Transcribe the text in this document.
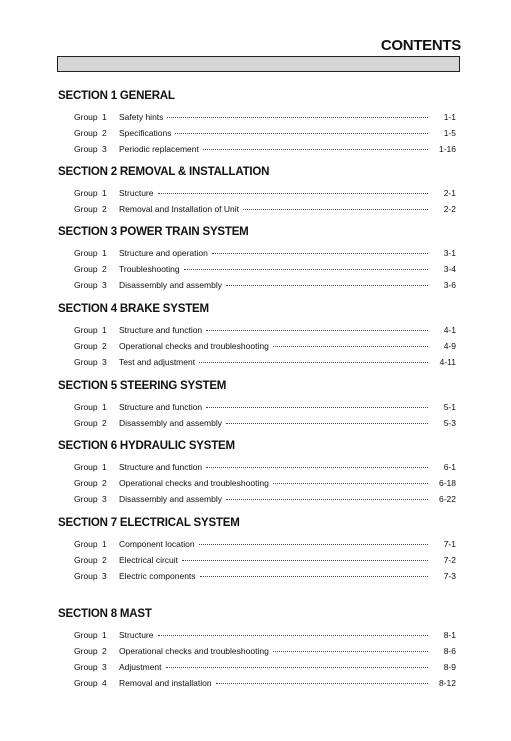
CONTENTS
SECTION 1 GENERAL
Group 1	Safety hints	1-1
Group 2	Specifications	1-5
Group 3	Periodic replacement	1-16
SECTION 2 REMOVAL & INSTALLATION
Group 1	Structure	2-1
Group 2	Removal and Installation of Unit	2-2
SECTION 3 POWER TRAIN SYSTEM
Group 1	Structure and operation	3-1
Group 2	Troubleshooting	3-4
Group 3	Disassembly and assembly	3-6
SECTION 4 BRAKE SYSTEM
Group 1	Structure and function	4-1
Group 2	Operational checks and troubleshooting	4-9
Group 3	Test and adjustment	4-11
SECTION 5 STEERING SYSTEM
Group 1	Structure and function	5-1
Group 2	Disassembly and assembly	5-3
SECTION 6 HYDRAULIC SYSTEM
Group 1	Structure and function	6-1
Group 2	Operational checks and troubleshooting	6-18
Group 3	Disassembly and assembly	6-22
SECTION 7 ELECTRICAL SYSTEM
Group 1	Component location	7-1
Group 2	Electrical circuit	7-2
Group 3	Electric components	7-3
SECTION 8 MAST
Group 1	Structure	8-1
Group 2	Operational checks and troubleshooting	8-6
Group 3	Adjustment	8-9
Group 4	Removal and installation	8-12
